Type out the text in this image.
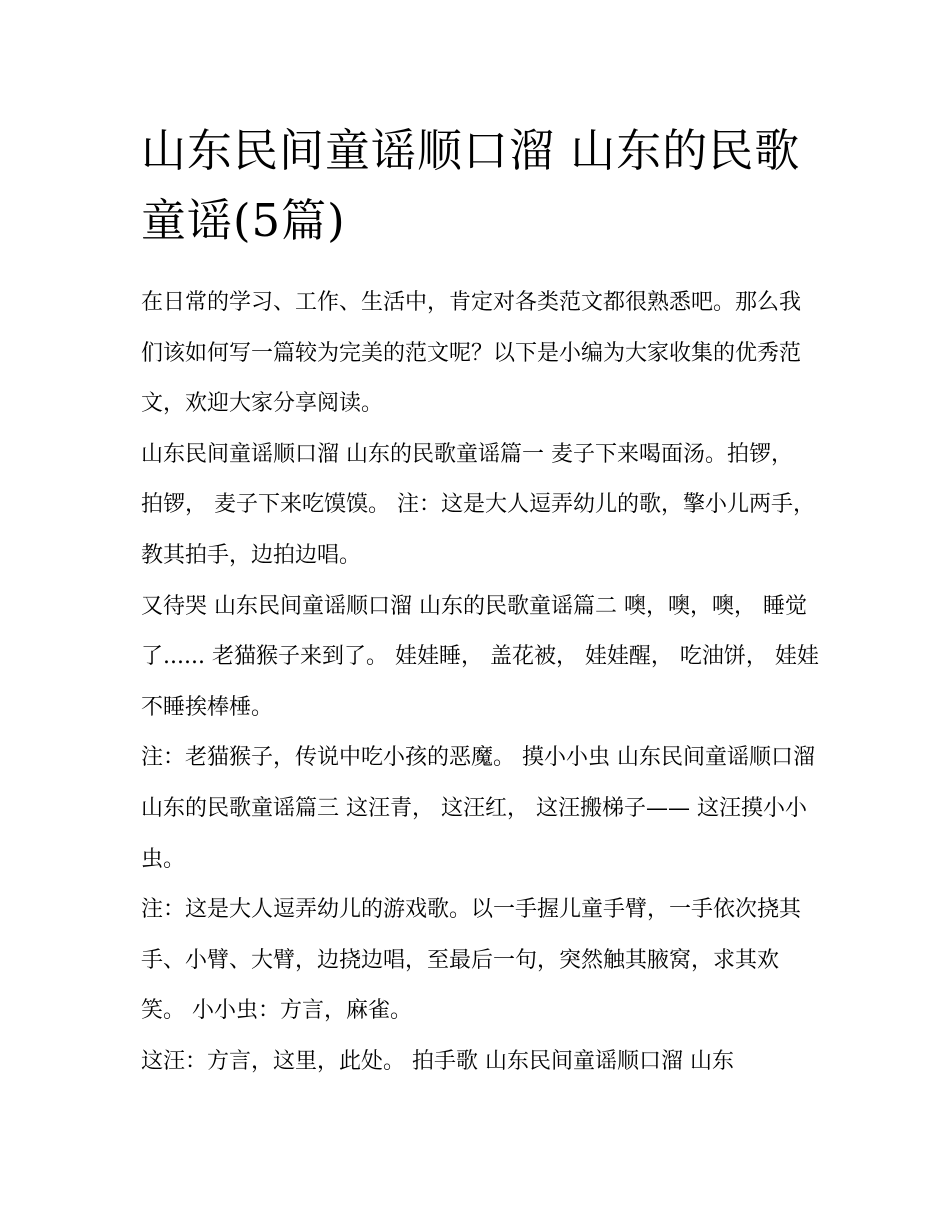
山东民间童谣顺口溜 山东的民歌童谣(5篇)

在日常的学习、工作、生活中，肯定对各类范文都很熟悉吧。那么我们该如何写一篇较为完美的范文呢？以下是小编为大家收集的优秀范文，欢迎大家分享阅读。

山东民间童谣顺口溜 山东的民歌童谣篇一 麦子下来喝面汤。拍锣， 拍锣， 麦子下来吃馍馍。 注：这是大人逗弄幼儿的歌，擎小儿两手，教其拍手，边拍边唱。

又待哭 山东民间童谣顺口溜 山东的民歌童谣篇二 噢，噢，噢， 睡觉了...... 老猫猴子来到了。 娃娃睡， 盖花被， 娃娃醒， 吃油饼， 娃娃不睡挨棒棰。

注：老猫猴子，传说中吃小孩的恶魔。 摸小小虫 山东民间童谣顺口溜 山东的民歌童谣篇三 这汪青， 这汪红， 这汪搬梯子—— 这汪摸小小虫。

注：这是大人逗弄幼儿的游戏歌。以一手握儿童手臂，一手依次挠其手、小臂、大臂，边挠边唱，至最后一句，突然触其腋窝，求其欢笑。 小小虫：方言，麻雀。

这汪：方言，这里，此处。 拍手歌 山东民间童谣顺口溜 山东
